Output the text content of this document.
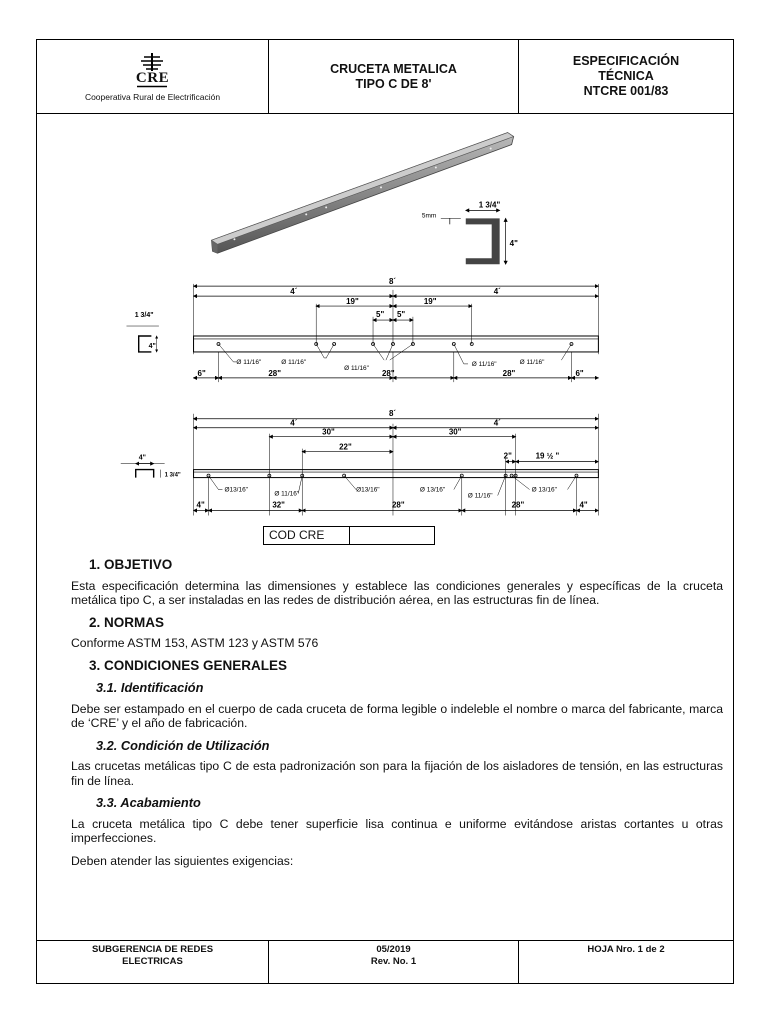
CRE
Cooperativa Rural de Electrificación
CRUCETA METALICA
TIPO C DE 8'
ESPECIFICACIÓN
TÉCNICA
NTCRE 001/83
1 3/4"
5mm
4"
8´
4´	4´
19"	19"
5" 5"
Ø 11/16"	Ø 11/16"
Ø 11/16"
Ø 11/16"	Ø 11/16"
6"	28"	28"	28"	6"
1 3/4"
4"
8´
4´	4´
30"	30"
22"
2"	19 ½ "
Ø13/16"
Ø 11/16"
Ø13/16"	Ø 13/16"
Ø 11/16"
Ø 13/16"
4"	32"	28"	28"	4"
4"
1 3/4"
COD CRE
1. OBJETIVO

Esta especificación determina las dimensiones y establece las condiciones generales y específicas de la cruceta metálica tipo C, a ser instaladas en las redes de distribución aérea, en las estructuras fin de línea.

2. NORMAS

Conforme ASTM 153, ASTM 123 y ASTM 576

3. CONDICIONES GENERALES
3.1. Identificación

Debe ser estampado en el cuerpo de cada cruceta de forma legible o indeleble el nombre o marca del fabricante, marca de ‘CRE’ y el año de fabricación.

3.2. Condición de Utilización

Las crucetas metálicas tipo C de esta padronización son para la fijación de los aisladores de tensión, en las estructuras fin de línea.

3.3. Acabamiento

La cruceta metálica tipo C debe tener superficie lisa continua e uniforme evitándose aristas cortantes u otras imperfecciones.

Deben atender las siguientes exigencias:

SUBGERENCIA DE REDES
ELECTRICAS
05/2019
Rev. No. 1
HOJA Nro. 1 de 2
